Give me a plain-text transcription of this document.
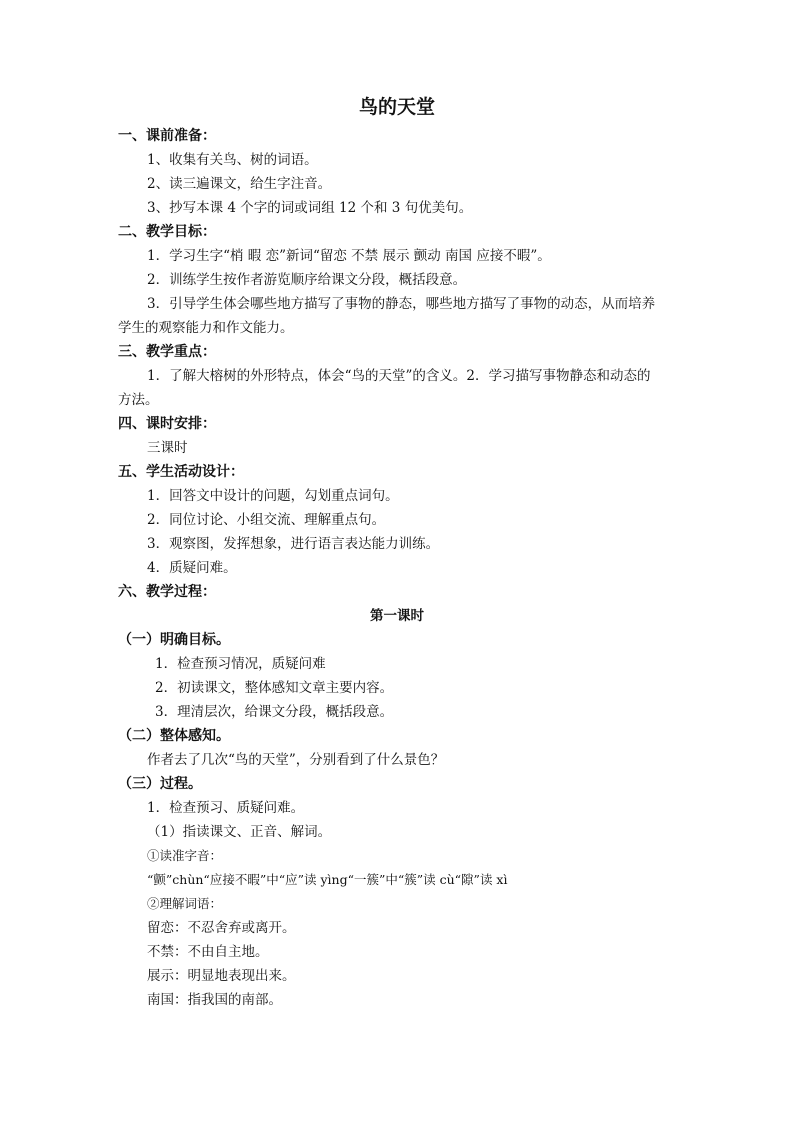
鸟的天堂
一、课前准备：
1、收集有关鸟、树的词语。
2、读三遍课文，给生字注音。
3、抄写本课 4 个字的词或词组 12 个和 3 句优美句。
二、教学目标：
1．学习生字“梢 暇 恋”新词“留恋 不禁 展示 颤动 南国 应接不暇”。
2．训练学生按作者游览顺序给课文分段，概括段意。
3．引导学生体会哪些地方描写了事物的静态，哪些地方描写了事物的动态，从而培养
学生的观察能力和作文能力。
三、教学重点：
1．了解大榕树的外形特点，体会“鸟的天堂”的含义。2．学习描写事物静态和动态的
方法。
四、课时安排：
三课时
五、学生活动设计：
1．回答文中设计的问题，勾划重点词句。
2．同位讨论、小组交流、理解重点句。
3．观察图，发挥想象，进行语言表达能力训练。
4．质疑问难。
六、教学过程：
第一课时
（一）明确目标。
1．检查预习情况，质疑问难
2．初读课文，整体感知文章主要内容。
3．理清层次，给课文分段，概括段意。
（二）整体感知。
作者去了几次“鸟的天堂”，分别看到了什么景色？
（三）过程。
1．检查预习、质疑问难。
（1）指读课文、正音、解词。
①读准字音：
“颤”chùn“应接不暇”中“应”读 yìng“一簇”中“簇”读 cù“隙”读 xì
②理解词语：
留恋：不忍舍弃或离开。
不禁：不由自主地。
展示：明显地表现出来。
南国：指我国的南部。
